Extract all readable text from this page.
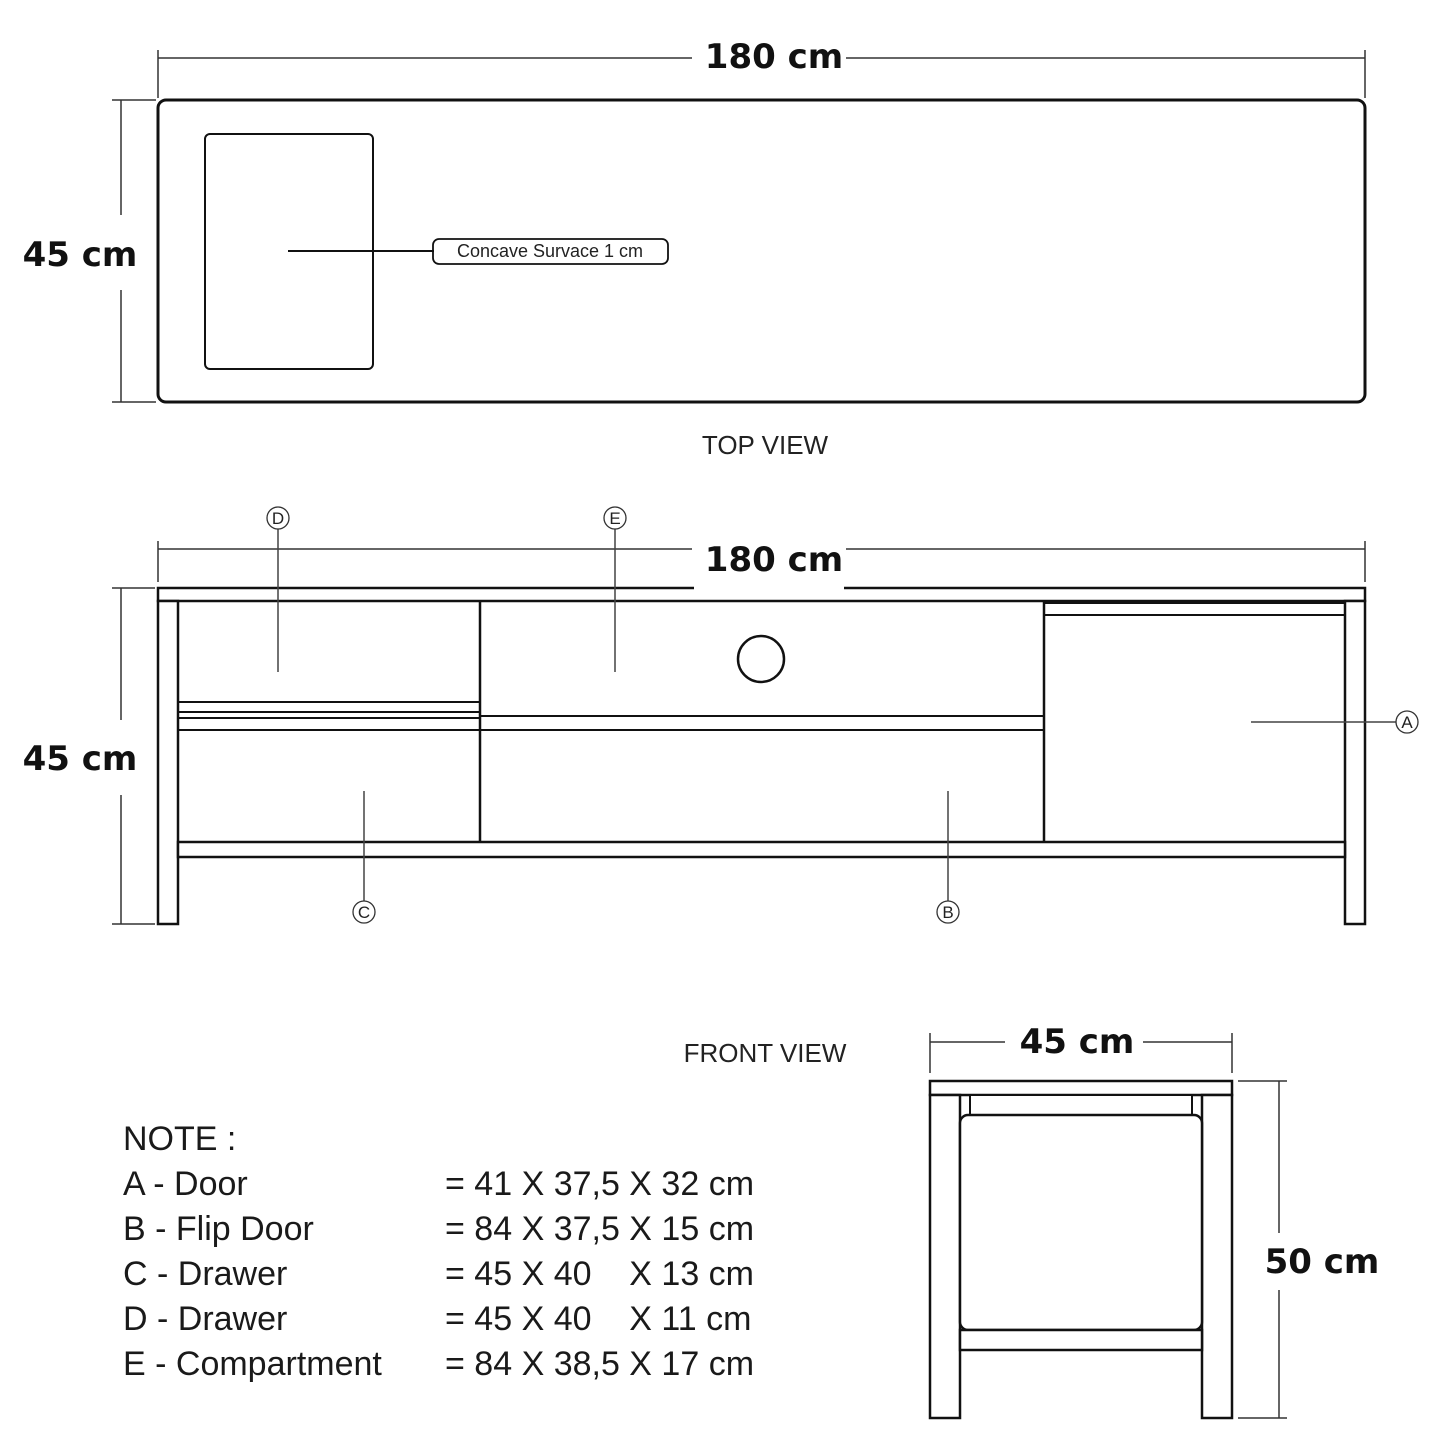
180 cm
45 cm	Concave Survace 1 cm
TOP VIEW
180 cm
45 cm
D	E
A
C	B
FRONT VIEW	45 cm
50 cm
NOTE :
A - Door	= 41 X 37,5 X 32 cm
B - Flip Door	= 84 X 37,5 X 15 cm
C - Drawer	= 45 X 40    X 13 cm
D - Drawer	= 45 X 40    X 11 cm
E - Compartment = 84 X 38,5 X 17 cm
